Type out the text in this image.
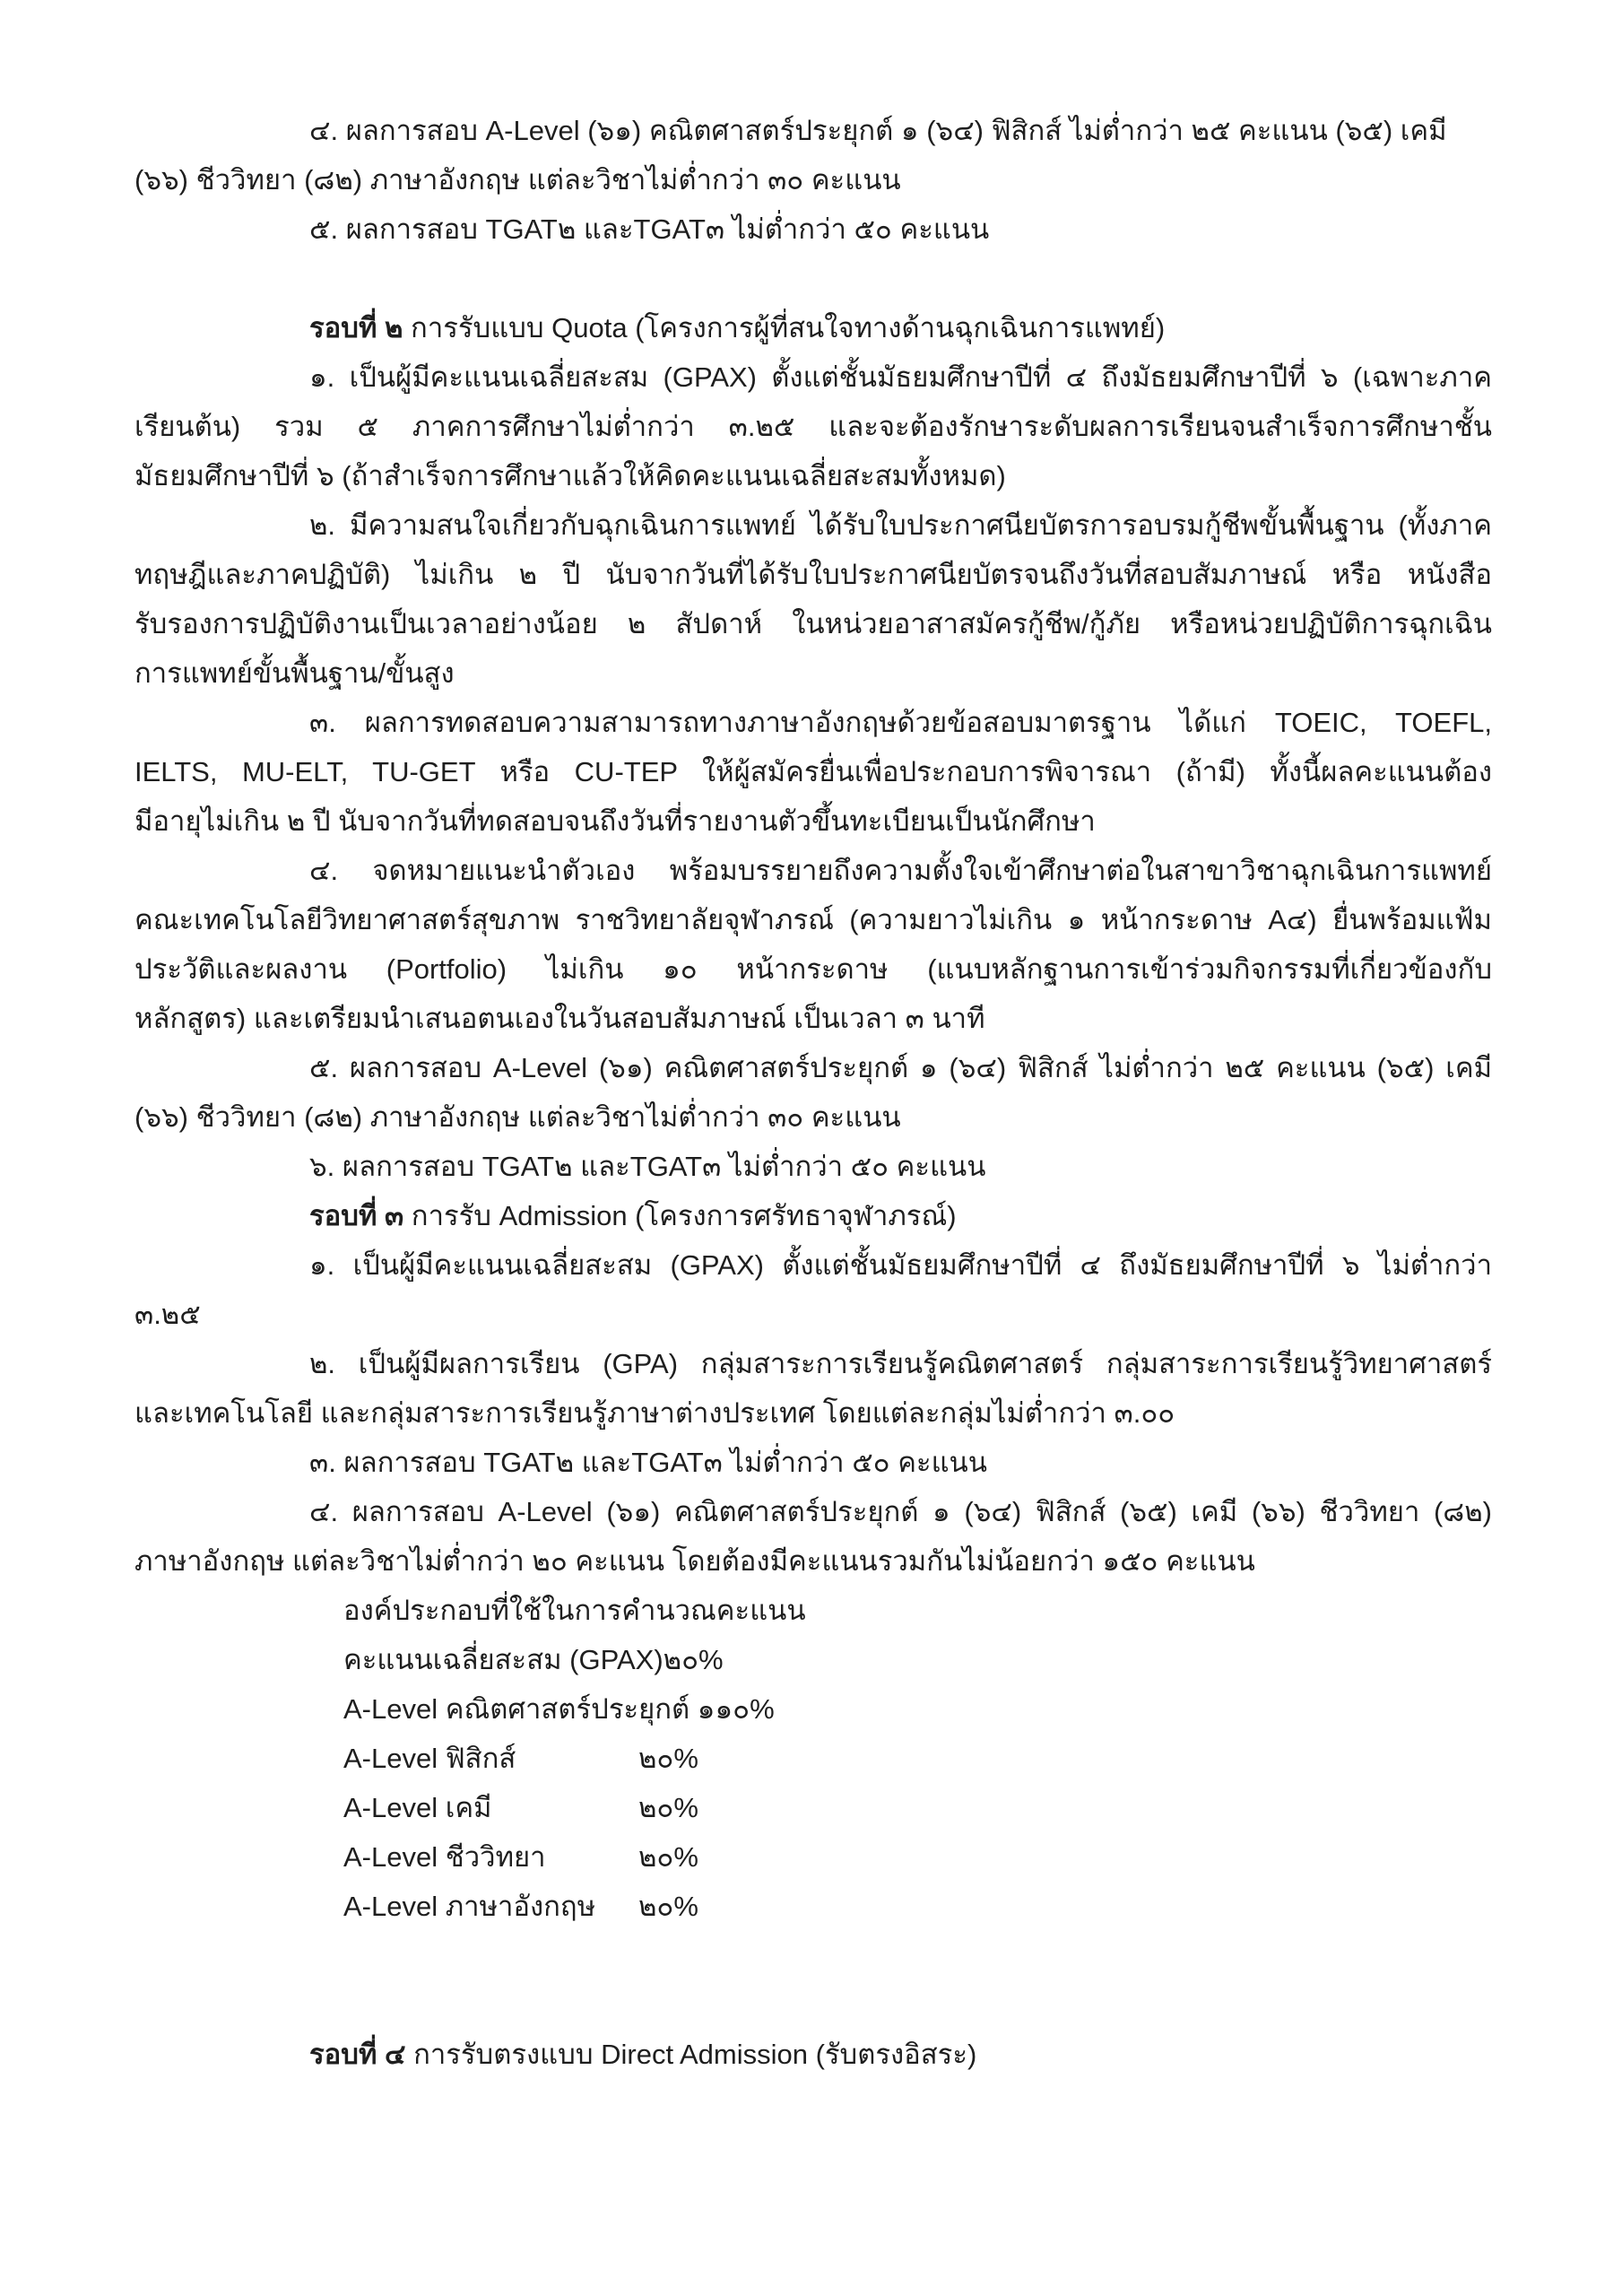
๔. ผลการสอบ A-Level (๖๑) คณิตศาสตร์ประยุกต์ ๑ (๖๔) ฟิสิกส์ ไม่ต่ำกว่า ๒๕ คะแนน (๖๕) เคมี
(๖๖) ชีววิทยา (๘๒) ภาษาอังกฤษ แต่ละวิชาไม่ต่ำกว่า ๓๐ คะแนน
๕. ผลการสอบ TGAT๒ และTGAT๓ ไม่ต่ำกว่า ๕๐ คะแนน
รอบที่ ๒ การรับแบบ Quota (โครงการผู้ที่สนใจทางด้านฉุกเฉินการแพทย์)
๑. เป็นผู้มีคะแนนเฉลี่ยสะสม (GPAX) ตั้งแต่ชั้นมัธยมศึกษาปีที่ ๔ ถึงมัธยมศึกษาปีที่ ๖ (เฉพาะภาค
เรียนต้น) รวม ๕ ภาคการศึกษาไม่ต่ำกว่า ๓.๒๕ และจะต้องรักษาระดับผลการเรียนจนสำเร็จการศึกษาชั้น
มัธยมศึกษาปีที่ ๖ (ถ้าสำเร็จการศึกษาแล้วให้คิดคะแนนเฉลี่ยสะสมทั้งหมด)
๒. มีความสนใจเกี่ยวกับฉุกเฉินการแพทย์ ได้รับใบประกาศนียบัตรการอบรมกู้ชีพขั้นพื้นฐาน (ทั้งภาค
ทฤษฎีและภาคปฏิบัติ) ไม่เกิน ๒ ปี นับจากวันที่ได้รับใบประกาศนียบัตรจนถึงวันที่สอบสัมภาษณ์ หรือ หนังสือ
รับรองการปฏิบัติงานเป็นเวลาอย่างน้อย ๒ สัปดาห์ ในหน่วยอาสาสมัครกู้ชีพ/กู้ภัย หรือหน่วยปฏิบัติการฉุกเฉิน
การแพทย์ขั้นพื้นฐาน/ขั้นสูง
๓. ผลการทดสอบความสามารถทางภาษาอังกฤษด้วยข้อสอบมาตรฐาน ได้แก่ TOEIC, TOEFL,
IELTS, MU-ELT, TU-GET หรือ CU-TEP ให้ผู้สมัครยื่นเพื่อประกอบการพิจารณา (ถ้ามี) ทั้งนี้ผลคะแนนต้อง
มีอายุไม่เกิน ๒ ปี นับจากวันที่ทดสอบจนถึงวันที่รายงานตัวขึ้นทะเบียนเป็นนักศึกษา
๔. จดหมายแนะนำตัวเอง พร้อมบรรยายถึงความตั้งใจเข้าศึกษาต่อในสาขาวิชาฉุกเฉินการแพทย์
คณะเทคโนโลยีวิทยาศาสตร์สุขภาพ ราชวิทยาลัยจุฬาภรณ์ (ความยาวไม่เกิน ๑ หน้ากระดาษ A๔) ยื่นพร้อมแฟ้ม
ประวัติและผลงาน (Portfolio) ไม่เกิน ๑๐ หน้ากระดาษ (แนบหลักฐานการเข้าร่วมกิจกรรมที่เกี่ยวข้องกับ
หลักสูตร) และเตรียมนำเสนอตนเองในวันสอบสัมภาษณ์ เป็นเวลา ๓ นาที
๕. ผลการสอบ A-Level (๖๑) คณิตศาสตร์ประยุกต์ ๑ (๖๔) ฟิสิกส์ ไม่ต่ำกว่า ๒๕ คะแนน (๖๕) เคมี
(๖๖) ชีววิทยา (๘๒) ภาษาอังกฤษ แต่ละวิชาไม่ต่ำกว่า ๓๐ คะแนน
๖. ผลการสอบ TGAT๒ และTGAT๓ ไม่ต่ำกว่า ๕๐ คะแนน
รอบที่ ๓ การรับ Admission (โครงการศรัทธาจุฬาภรณ์)
๑. เป็นผู้มีคะแนนเฉลี่ยสะสม (GPAX) ตั้งแต่ชั้นมัธยมศึกษาปีที่ ๔ ถึงมัธยมศึกษาปีที่ ๖ ไม่ต่ำกว่า
๓.๒๕
๒. เป็นผู้มีผลการเรียน (GPA) กลุ่มสาระการเรียนรู้คณิตศาสตร์ กลุ่มสาระการเรียนรู้วิทยาศาสตร์
และเทคโนโลยี และกลุ่มสาระการเรียนรู้ภาษาต่างประเทศ โดยแต่ละกลุ่มไม่ต่ำกว่า ๓.๐๐
๓. ผลการสอบ TGAT๒ และTGAT๓ ไม่ต่ำกว่า ๕๐ คะแนน
๔. ผลการสอบ A-Level (๖๑) คณิตศาสตร์ประยุกต์ ๑ (๖๔) ฟิสิกส์ (๖๕) เคมี (๖๖) ชีววิทยา (๘๒)
ภาษาอังกฤษ แต่ละวิชาไม่ต่ำกว่า ๒๐ คะแนน โดยต้องมีคะแนนรวมกันไม่น้อยกว่า ๑๕๐ คะแนน
องค์ประกอบที่ใช้ในการคำนวณคะแนน
คะแนนเฉลี่ยสะสม (GPAX)๒๐%
A-Level คณิตศาสตร์ประยุกต์ ๑๑๐%
A-Level ฟิสิกส์	๒๐%
A-Level เคมี	๒๐%
A-Level ชีววิทยา	๒๐%
A-Level ภาษาอังกฤษ ๒๐%
รอบที่ ๔ การรับตรงแบบ Direct Admission (รับตรงอิสระ)
